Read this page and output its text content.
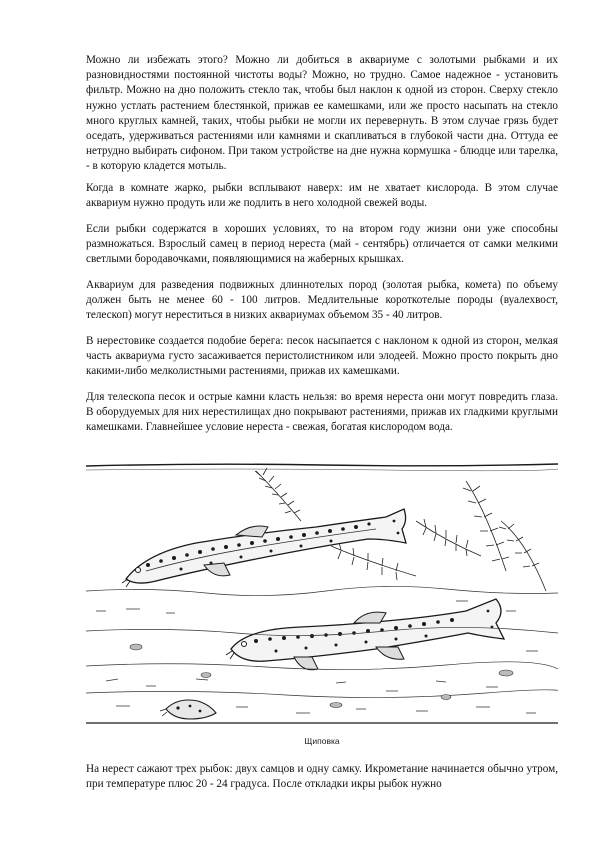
Можно ли избежать этого? Можно ли добиться в аквариуме с золотыми рыбками и их разновидностями постоянной чистоты воды? Можно, но трудно. Самое надежное - установить фильтр. Можно на дно положить стекло так, чтобы был наклон к одной из сторон. Сверху стекло нужно устлать растением блестянкой, прижав ее камешками, или же просто насыпать на стекло много круглых камней, таких, чтобы рыбки не могли их перевернуть. В этом случае грязь будет оседать, удерживаться растениями или камнями и скапливаться в глубокой части дна. Оттуда ее нетрудно выбирать сифоном. При таком устройстве на дне нужна кормушка - блюдце или тарелка, - в которую кладется мотыль.

Когда в комнате жарко, рыбки всплывают наверх: им не хватает кислорода. В этом случае аквариум нужно продуть или же подлить в него холодной свежей воды.

Если рыбки содержатся в хороших условиях, то на втором году жизни они уже способны размножаться. Взрослый самец в период нереста (май - сентябрь) отличается от самки мелкими светлыми бородавочками, появляющимися на жаберных крышках.

Аквариум для разведения подвижных длиннотелых пород (золотая рыбка, комета) по объему должен быть не менее 60 - 100 литров. Медлительные короткотелые породы (вуалехвост, телескоп) могут нереститься в низких аквариумах объемом 35 - 40 литров.

В нерестовике создается подобие берега: песок насыпается с наклоном к одной из сторон, мелкая часть аквариума густо засаживается перистолистником или элодеей. Можно просто покрыть дно какими-либо мелколистными растениями, прижав их камешками.

Для телескопа песок и острые камни класть нельзя: во время нереста они могут повредить глаза. В оборудуемых для них нерестилищах дно покрывают растениями, прижав их гладкими круглыми камешками. Главнейшее условие нереста - свежая, богатая кислородом вода.

Щиповка

На нерест сажают трех рыбок: двух самцов и одну самку. Икрометание начинается обычно утром, при температуре плюс 20 - 24 градуса. После откладки икры рыбок нужно
